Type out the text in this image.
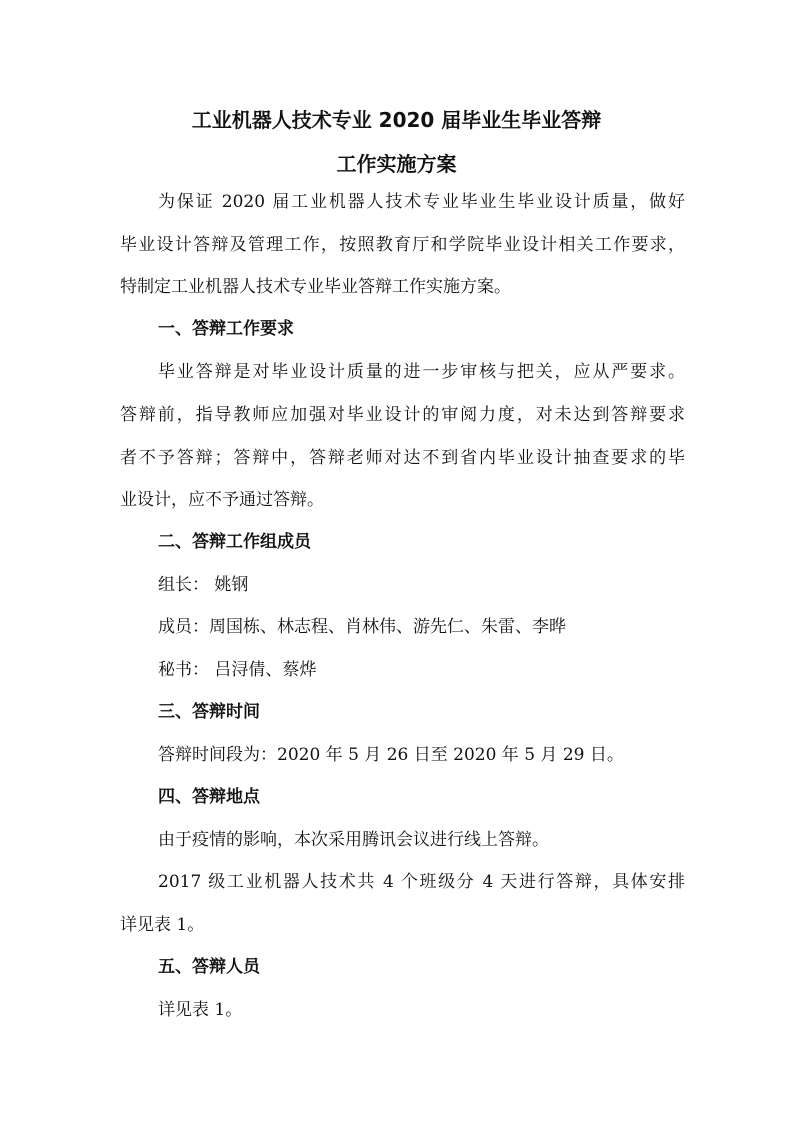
工业机器人技术专业 2020 届毕业生毕业答辩
工作实施方案
为保证 2020 届工业机器人技术专业毕业生毕业设计质量，做好
毕业设计答辩及管理工作，按照教育厅和学院毕业设计相关工作要求，
特制定工业机器人技术专业毕业答辩工作实施方案。
一、答辩工作要求
毕业答辩是对毕业设计质量的进一步审核与把关，应从严要求。
答辩前，指导教师应加强对毕业设计的审阅力度，对未达到答辩要求
者不予答辩；答辩中，答辩老师对达不到省内毕业设计抽查要求的毕
业设计，应不予通过答辩。
二、答辩工作组成员
组长： 姚钢
成员：周国栋、林志程、肖林伟、游先仁、朱雷、李晔
秘书： 吕浔倩、蔡烨
三、答辩时间
答辩时间段为：2020 年 5 月 26 日至 2020 年 5 月 29 日。
四、答辩地点
由于疫情的影响，本次采用腾讯会议进行线上答辩。
2017 级工业机器人技术共 4 个班级分 4 天进行答辩，具体安排
详见表 1。
五、答辩人员
详见表 1。
